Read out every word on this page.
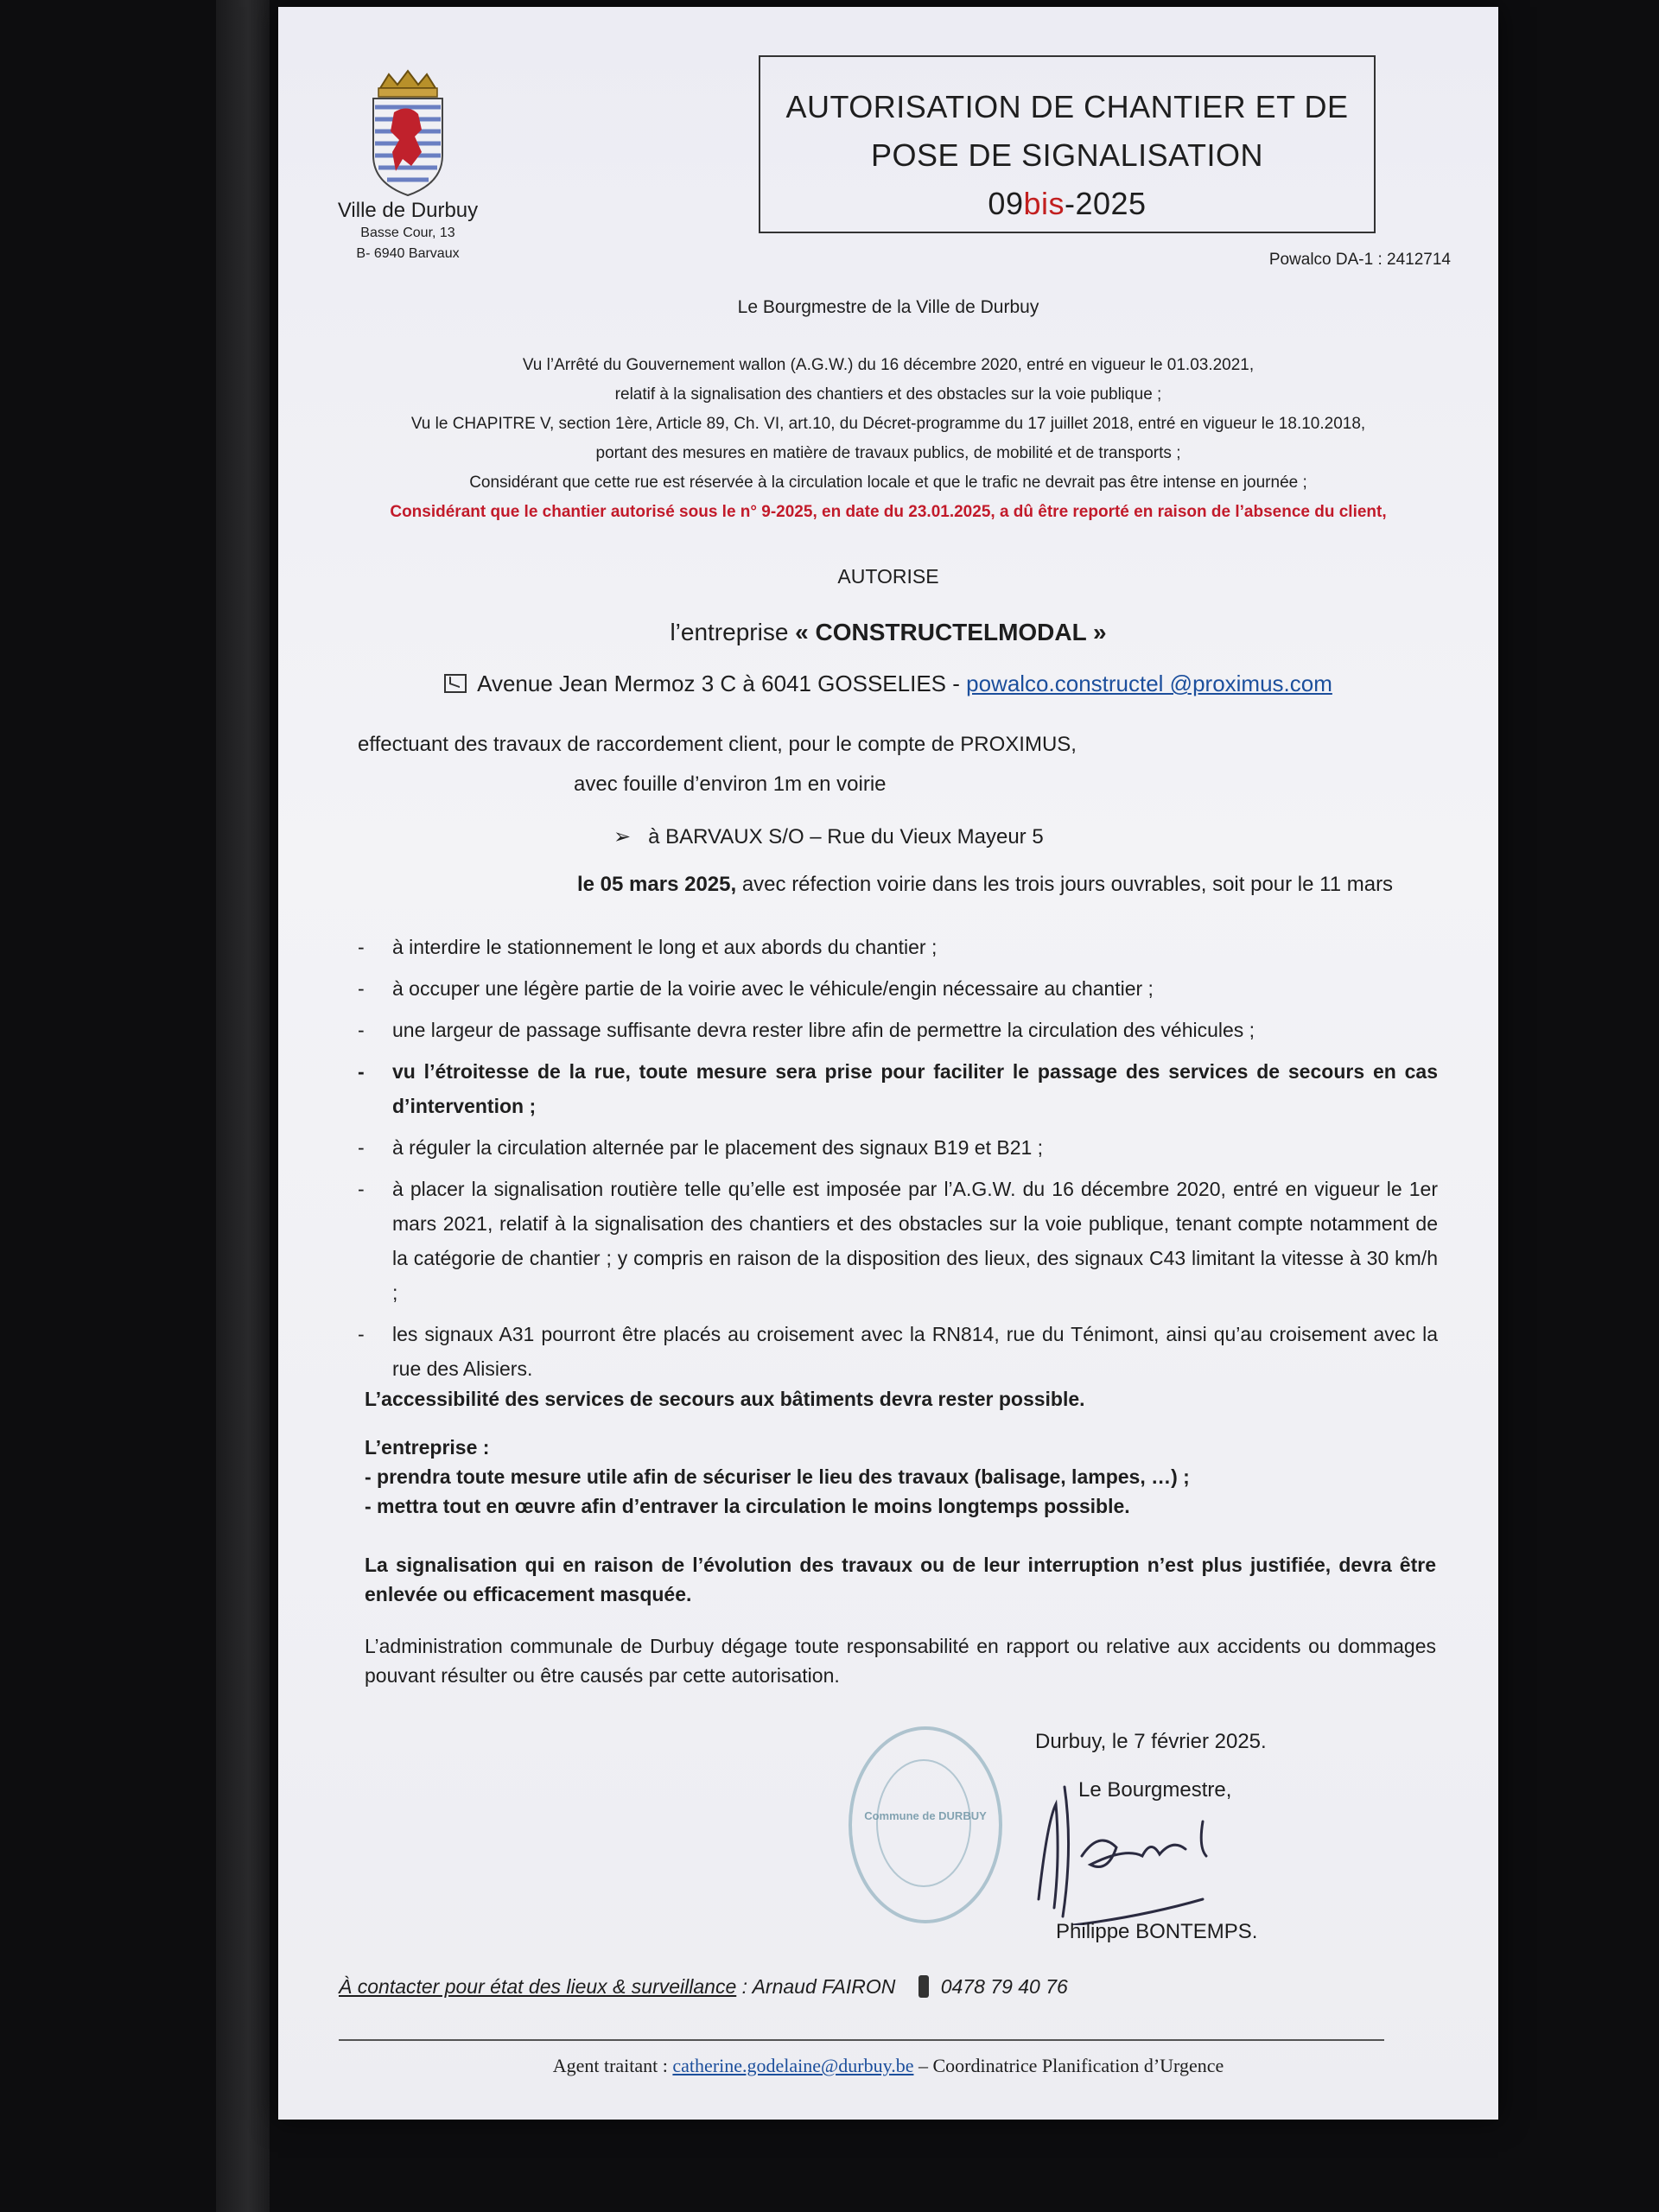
Ville de Durbuy
Basse Cour, 13
B- 6940 Barvaux
AUTORISATION DE CHANTIER ET DE
POSE DE SIGNALISATION
09bis-2025
Powalco DA-1 : 2412714
Le Bourgmestre de la Ville de Durbuy
Vu l’Arrêté du Gouvernement wallon (A.G.W.) du 16 décembre 2020, entré en vigueur le 01.03.2021,
relatif à la signalisation des chantiers et des obstacles sur la voie publique ;
Vu le CHAPITRE V, section 1ère, Article 89, Ch. VI, art.10, du Décret-programme du 17 juillet 2018, entré en vigueur le 18.10.2018,
portant des mesures en matière de travaux publics, de mobilité et de transports ;
Considérant que cette rue est réservée à la circulation locale et que le trafic ne devrait pas être intense en journée ;
Considérant que le chantier autorisé sous le n° 9-2025, en date du 23.01.2025, a dû être reporté en raison de l’absence du client,
AUTORISE
l’entreprise « CONSTRUCTELMODAL »
Avenue Jean Mermoz 3 C à 6041 GOSSELIES - powalco.constructel @proximus.com
effectuant des travaux de raccordement client, pour le compte de PROXIMUS,
avec fouille d’environ 1m en voirie
➢ à BARVAUX S/O – Rue du Vieux Mayeur 5
le 05 mars 2025, avec réfection voirie dans les trois jours ouvrables, soit pour le 11 mars
-	à interdire le stationnement le long et aux abords du chantier ;
-	à occuper une légère partie de la voirie avec le véhicule/engin nécessaire au chantier ;
-	une largeur de passage suffisante devra rester libre afin de permettre la circulation des véhicules ;
-	vu l’étroitesse de la rue, toute mesure sera prise pour faciliter le passage des services de secours en cas d’intervention ;
-	à réguler la circulation alternée par le placement des signaux B19 et B21 ;
-	à placer la signalisation routière telle qu’elle est imposée par l’A.G.W. du 16 décembre 2020, entré en vigueur le 1er mars 2021, relatif à la signalisation des chantiers et des obstacles sur la voie publique, tenant compte notamment de la catégorie de chantier ; y compris en raison de la disposition des lieux, des signaux C43 limitant la vitesse à 30 km/h ;
-	les signaux A31 pourront être placés au croisement avec la RN814, rue du Ténimont, ainsi qu’au croisement avec la rue des Alisiers.
L’accessibilité des services de secours aux bâtiments devra rester possible.
L’entreprise :
- prendra toute mesure utile afin de sécuriser le lieu des travaux (balisage, lampes, …) ;
- mettra tout en œuvre afin d’entraver la circulation le moins longtemps possible.
La signalisation qui en raison de l’évolution des travaux ou de leur interruption n’est plus justifiée, devra être enlevée ou efficacement masquée.
L’administration communale de Durbuy dégage toute responsabilité en rapport ou relative aux accidents ou dommages pouvant résulter ou être causés par cette autorisation.
Commune de DURBUY
Durbuy, le 7 février 2025.
Le Bourgmestre,
Philippe BONTEMPS.
À contacter pour état des lieux & surveillance : Arnaud FAIRON 0478 79 40 76
Agent traitant : catherine.godelaine@durbuy.be – Coordinatrice Planification d’Urgence
